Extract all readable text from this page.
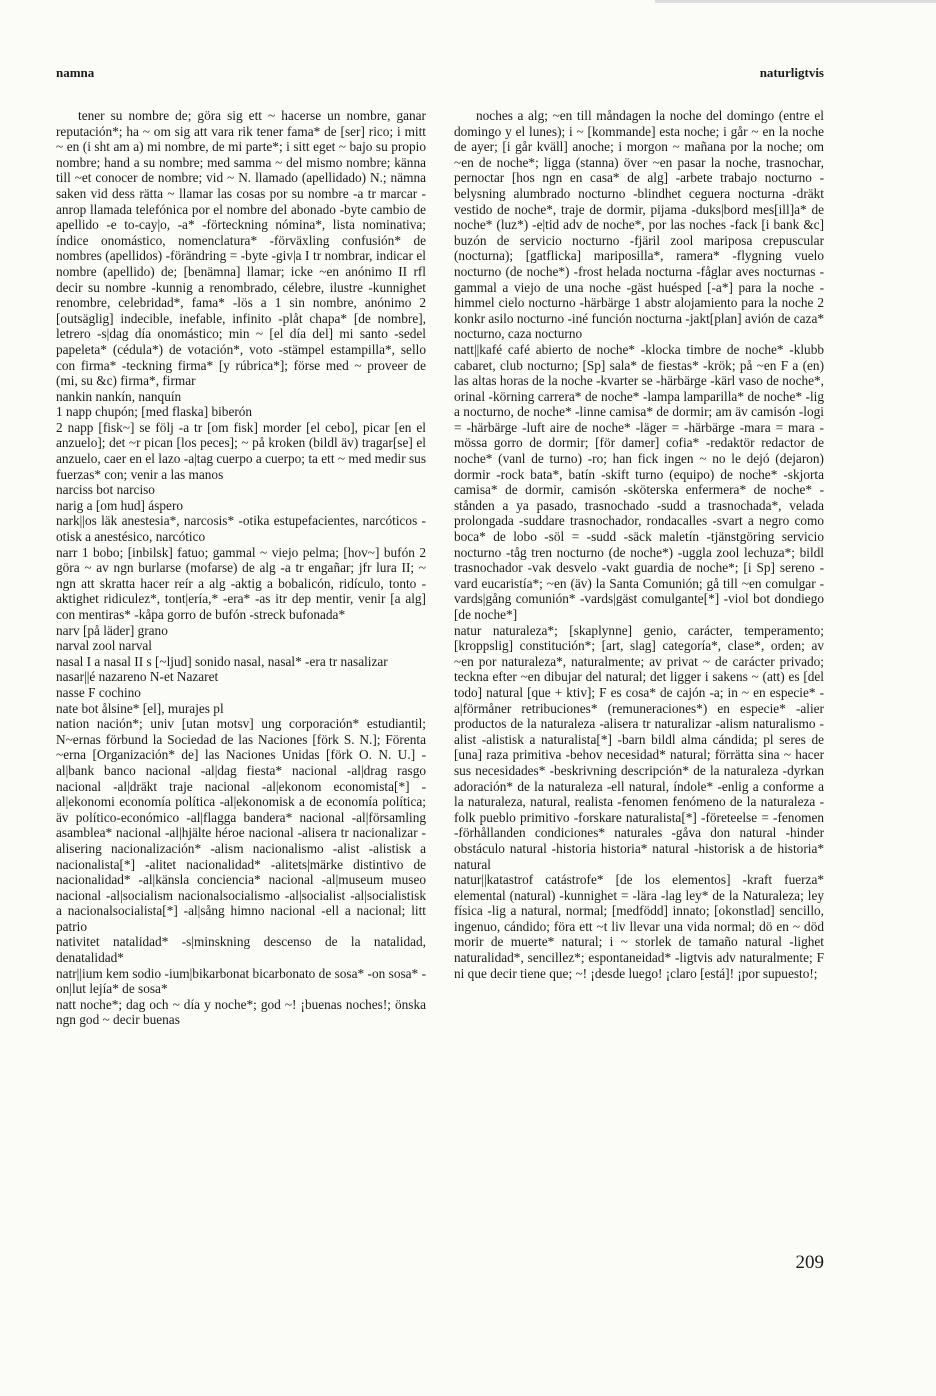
namna	naturligtvis

tener su nombre de; göra sig ett ~ hacerse un nombre, ganar reputación*; ha ~ om sig att vara rik tener fama* de [ser] rico; i mitt ~ en (i sht am a) mi nombre, de mi parte*; i sitt eget ~ bajo su propio nombre; hand a su nombre; med samma ~ del mismo nombre; känna till ~et conocer de nombre; vid ~ N. llamado (apellidado) N.; nämna saken vid dess rätta ~ llamar las cosas por su nombre -a tr marcar -anrop llamada telefónica por el nombre del abonado -byte cambio de apellido -e to-cay|o, -a* -förteckning nómina*, lista nominativa; índice onomástico, nomenclatura* -förväxling confusión* de nombres (apellidos) -förändring = -byte -giv|a I tr nombrar, indicar el nombre (apellido) de; [benämna] llamar; icke ~en anónimo II rfl decir su nombre -kunnig a renombrado, célebre, ilustre -kunnighet renombre, celebridad*, fama* -lös a 1 sin nombre, anónimo 2 [outsäglig] indecible, inefable, infinito -plåt chapa* [de nombre], letrero -s|dag día onomástico; min ~ [el día del] mi santo -sedel papeleta* (cédula*) de votación*, voto -stämpel estampilla*, sello con firma* -teckning firma* [y rúbrica*]; förse med ~ proveer de (mi, su &c) firma*, firmar

nankin nankín, nanquín

1 napp chupón; [med flaska] biberón

2 napp [fisk~] se följ -a tr [om fisk] morder [el cebo], picar [en el anzuelo]; det ~r pican [los peces]; ~ på kroken (bildl äv) tragar[se] el anzuelo, caer en el lazo -a|tag cuerpo a cuerpo; ta ett ~ med medir sus fuerzas* con; venir a las manos

narciss bot narciso

narig a [om hud] áspero

nark||os läk anestesia*, narcosis* -otika estupefacientes, narcóticos -otisk a anestésico, narcótico

narr 1 bobo; [inbilsk] fatuo; gammal ~ viejo pelma; [hov~] bufón 2 göra ~ av ngn burlarse (mofarse) de alg -a tr engañar; jfr lura II; ~ ngn att skratta hacer reír a alg -aktig a bobalicón, ridículo, tonto -aktighet ridiculez*, tont|ería,* -era* -as itr dep mentir, venir [a alg] con mentiras* -kåpa gorro de bufón -streck bufonada*

narv [på läder] grano

narval zool narval

nasal I a nasal II s [~ljud] sonido nasal, nasal* -era tr nasalizar

nasar||é nazareno N-et Nazaret

nasse F cochino

nate bot ålsine* [el], murajes pl

nation nación*; univ [utan motsv] ung corporación* estudiantil; N~ernas förbund la Sociedad de las Naciones [förk S. N.]; Förenta ~erna [Organización* de] las Naciones Unidas [förk O. N. U.] -al|bank banco nacional -al|dag fiesta* nacional -al|drag rasgo nacional -al|dräkt traje nacional -al|ekonom economista[*] -al|ekonomi economía política -al|ekonomisk a de economía política; äv político-económico -al|flagga bandera* nacional -al|församling asamblea* nacional -al|hjälte héroe nacional -alisera tr nacionalizar -alisering nacionalización* -alism nacionalismo -alist -alistisk a nacionalista[*] -alitet nacionalidad* -alitets|märke distintivo de nacionalidad* -al|känsla conciencia* nacional -al|museum museo nacional -al|socialism nacionalsocialismo -al|socialist -al|socialistisk a nacionalsocialista[*] -al|sång himno nacional -ell a nacional; litt patrio

nativitet natalidad* -s|minskning descenso de la natalidad, denatalidad*

natr||ium kem sodio -ium|bikarbonat bicarbonato de sosa* -on sosa* -on|lut lejía* de sosa*

natt noche*; dag och ~ día y noche*; god ~! ¡buenas noches!; önska ngn god ~ decir buenas

noches a alg; ~en till måndagen la noche del domingo (entre el domingo y el lunes); i ~ [kommande] esta noche; i går ~ en la noche de ayer; [i går kväll] anoche; i morgon ~ mañana por la noche; om ~en de noche*; ligga (stanna) över ~en pasar la noche, trasnochar, pernoctar [hos ngn en casa* de alg] -arbete trabajo nocturno -belysning alumbrado nocturno -blindhet ceguera nocturna -dräkt vestido de noche*, traje de dormir, pijama -duks|bord mes[ill]a* de noche* (luz*) -e|tid adv de noche*, por las noches -fack [i bank &c] buzón de servicio nocturno -fjäril zool mariposa crepuscular (nocturna); [gatflicka] mariposilla*, ramera* -flygning vuelo nocturno (de noche*) -frost helada nocturna -fåglar aves nocturnas -gammal a viejo de una noche -gäst huésped [-a*] para la noche -himmel cielo nocturno -härbärge 1 abstr alojamiento para la noche 2 konkr asilo nocturno -iné función nocturna -jakt[plan] avión de caza* nocturno, caza nocturno

natt||kafé café abierto de noche* -klocka timbre de noche* -klubb cabaret, club nocturno; [Sp] sala* de fiestas* -krök; på ~en F a (en) las altas horas de la noche -kvarter se -härbärge -kärl vaso de noche*, orinal -körning carrera* de noche* -lampa lamparilla* de noche* -lig a nocturno, de noche* -linne camisa* de dormir; am äv camisón -logi = -härbärge -luft aire de noche* -läger = -härbärge -mara = mara -mössa gorro de dormir; [för damer] cofia* -redaktör redactor de noche* (vanl de turno) -ro; han fick ingen ~ no le dejó (dejaron) dormir -rock bata*, batín -skift turno (equipo) de noche* -skjorta camisa* de dormir, camisón -sköterska enfermera* de noche* -stånden a ya pasado, trasnochado -sudd a trasnochada*, velada prolongada -suddare trasnochador, rondacalles -svart a negro como boca* de lobo -söl = -sudd -säck maletín -tjänstgöring servicio nocturno -tåg tren nocturno (de noche*) -uggla zool lechuza*; bildl trasnochador -vak desvelo -vakt guardia de noche*; [i Sp] sereno -vard eucaristía*; ~en (äv) la Santa Comunión; gå till ~en comulgar -vards|gång comunión* -vards|gäst comulgante[*] -viol bot dondiego [de noche*]

natur naturaleza*; [skaplynne] genio, carácter, temperamento; [kroppslig] constitución*; [art, slag] categoría*, clase*, orden; av ~en por naturaleza*, naturalmente; av privat ~ de carácter privado; teckna efter ~en dibujar del natural; det ligger i sakens ~ (att) es [del todo] natural [que + ktiv]; F es cosa* de cajón -a; in ~ en especie* -a|förmåner retribuciones* (remuneraciones*) en especie* -alier productos de la naturaleza -alisera tr naturalizar -alism naturalismo -alist -alistisk a naturalista[*] -barn bildl alma cándida; pl seres de [una] raza primitiva -behov necesidad* natural; förrätta sina ~ hacer sus necesidades* -beskrivning descripción* de la naturaleza -dyrkan adoración* de la naturaleza -ell natural, índole* -enlig a conforme a la naturaleza, natural, realista -fenomen fenómeno de la naturaleza -folk pueblo primitivo -forskare naturalista[*] -företeelse = -fenomen -förhållanden condiciones* naturales -gåva don natural -hinder obstáculo natural -historia historia* natural -historisk a de historia* natural

natur||katastrof catástrofe* [de los elementos] -kraft fuerza* elemental (natural) -kunnighet = -lära -lag ley* de la Naturaleza; ley física -lig a natural, normal; [medfödd] innato; [okonstlad] sencillo, ingenuo, cándido; föra ett ~t liv llevar una vida normal; dö en ~ död morir de muerte* natural; i ~ storlek de tamaño natural -lighet naturalidad*, sencillez*; espontaneidad* -ligtvis adv naturalmente; F ni que decir tiene que; ~! ¡desde luego! ¡claro [está]! ¡por supuesto!;

209
